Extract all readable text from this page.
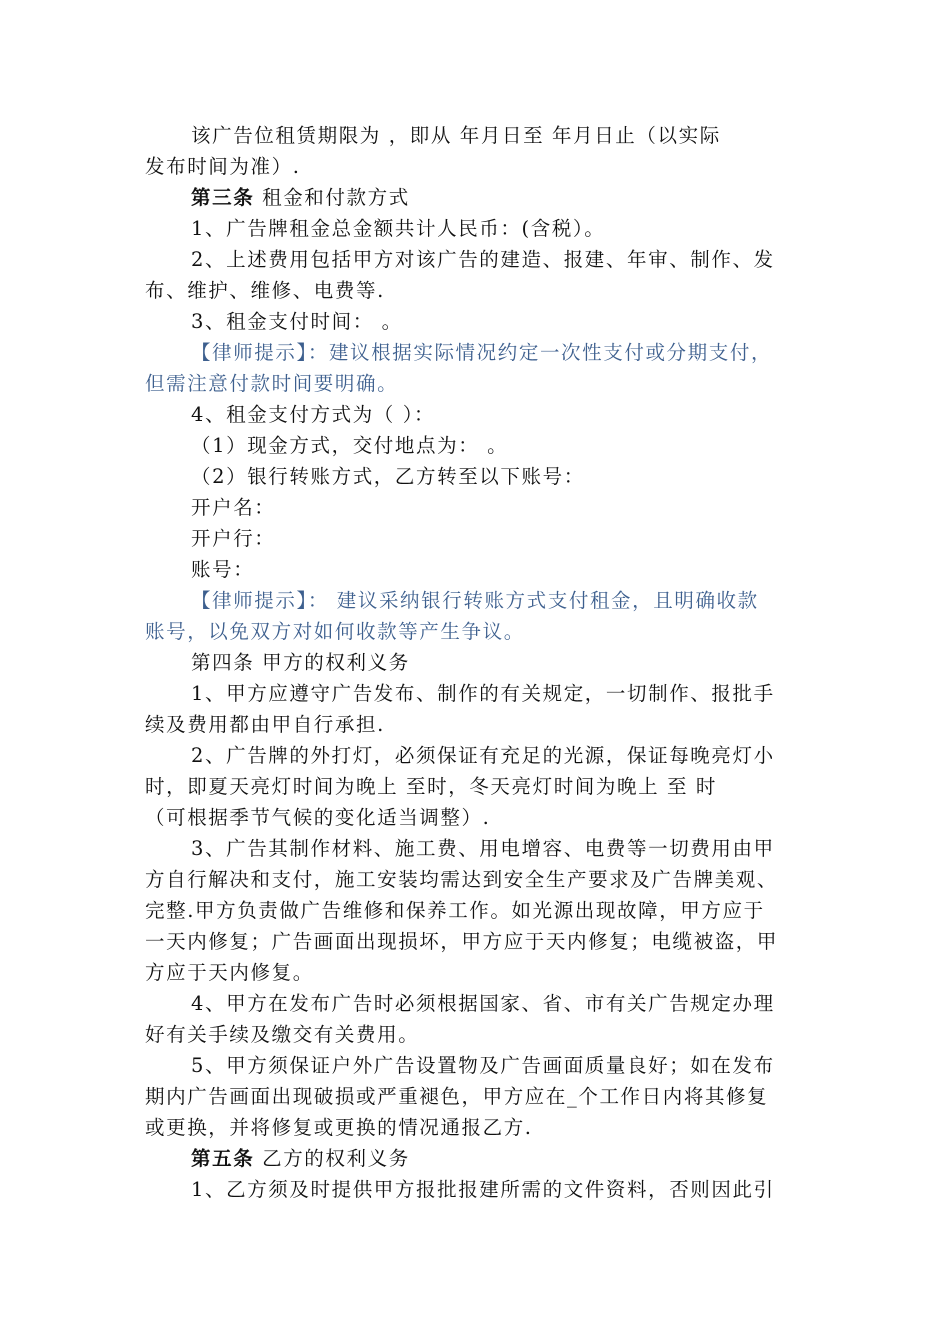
该广告位租赁期限为 ，即从 年月日至 年月日止（以实际
发布时间为准）.
第三条 租金和付款方式
1、广告牌租金总金额共计人民币：(含税）。
2、上述费用包括甲方对该广告的建造、报建、年审、制作、发
布、维护、维修、电费等.
3、租金支付时间： 。
【律师提示】：建议根据实际情况约定一次性支付或分期支付，
但需注意付款时间要明确。
4、租金支付方式为（ ）：
（1）现金方式，交付地点为： 。
（2）银行转账方式，乙方转至以下账号：
开户名：
开户行：
账号：
【律师提示】： 建议采纳银行转账方式支付租金，且明确收款
账号，以免双方对如何收款等产生争议。
第四条 甲方的权利义务
1、甲方应遵守广告发布、制作的有关规定，一切制作、报批手
续及费用都由甲自行承担.
2、广告牌的外打灯，必须保证有充足的光源，保证每晚亮灯小
时，即夏天亮灯时间为晚上 至时，冬天亮灯时间为晚上 至 时
（可根据季节气候的变化适当调整）.
3、广告其制作材料、施工费、用电增容、电费等一切费用由甲
方自行解决和支付，施工安装均需达到安全生产要求及广告牌美观、
完整.甲方负责做广告维修和保养工作。如光源出现故障，甲方应于
一天内修复；广告画面出现损坏，甲方应于天内修复；电缆被盗，甲
方应于天内修复。
4、甲方在发布广告时必须根据国家、省、市有关广告规定办理
好有关手续及缴交有关费用。
5、甲方须保证户外广告设置物及广告画面质量良好；如在发布
期内广告画面出现破损或严重褪色，甲方应在_个工作日内将其修复
或更换，并将修复或更换的情况通报乙方.
第五条 乙方的权利义务
1、乙方须及时提供甲方报批报建所需的文件资料，否则因此引
